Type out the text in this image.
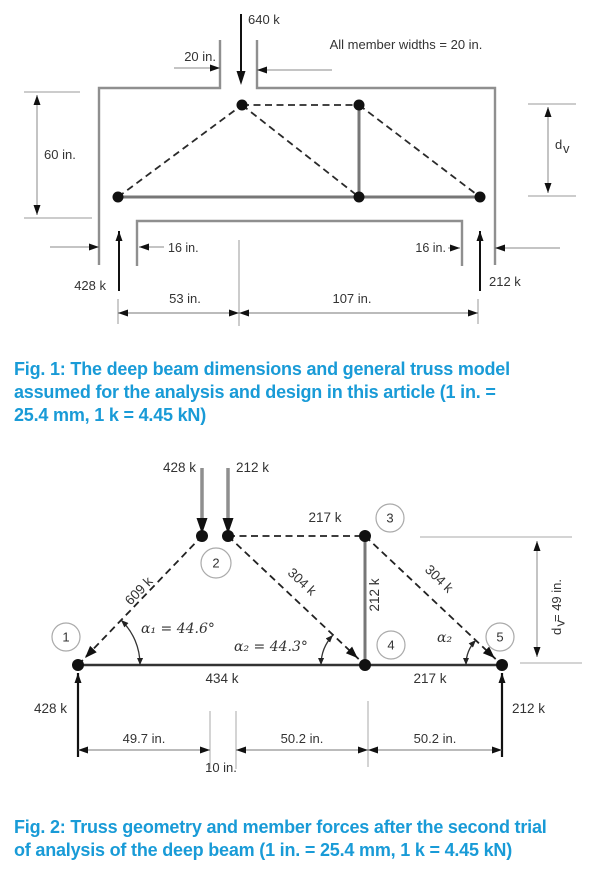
640 k
All member widths = 20 in.
20 in.
60 in.
d v
428 k	212 k
16 in.	16 in.
53 in.	107 in.
Fig. 1: The deep beam dimensions and general truss model
assumed for the analysis and design in this article (1 in. =
25.4 mm, 1 k = 4.45 kN)
428 k	212 k
1
2
3
4
5
609 k	304 k
217 k
212 k	304 k
434 k	217 k
α₁ = 44.6°
α₂ = 44.3°
α₂	d
v
= 49 in.
428 k	212 k
49.7 in.
10 in.
50.2 in.	50.2 in.
Fig. 2: Truss geometry and member forces after the second trial
of analysis of the deep beam (1 in. = 25.4 mm, 1 k = 4.45 kN)
